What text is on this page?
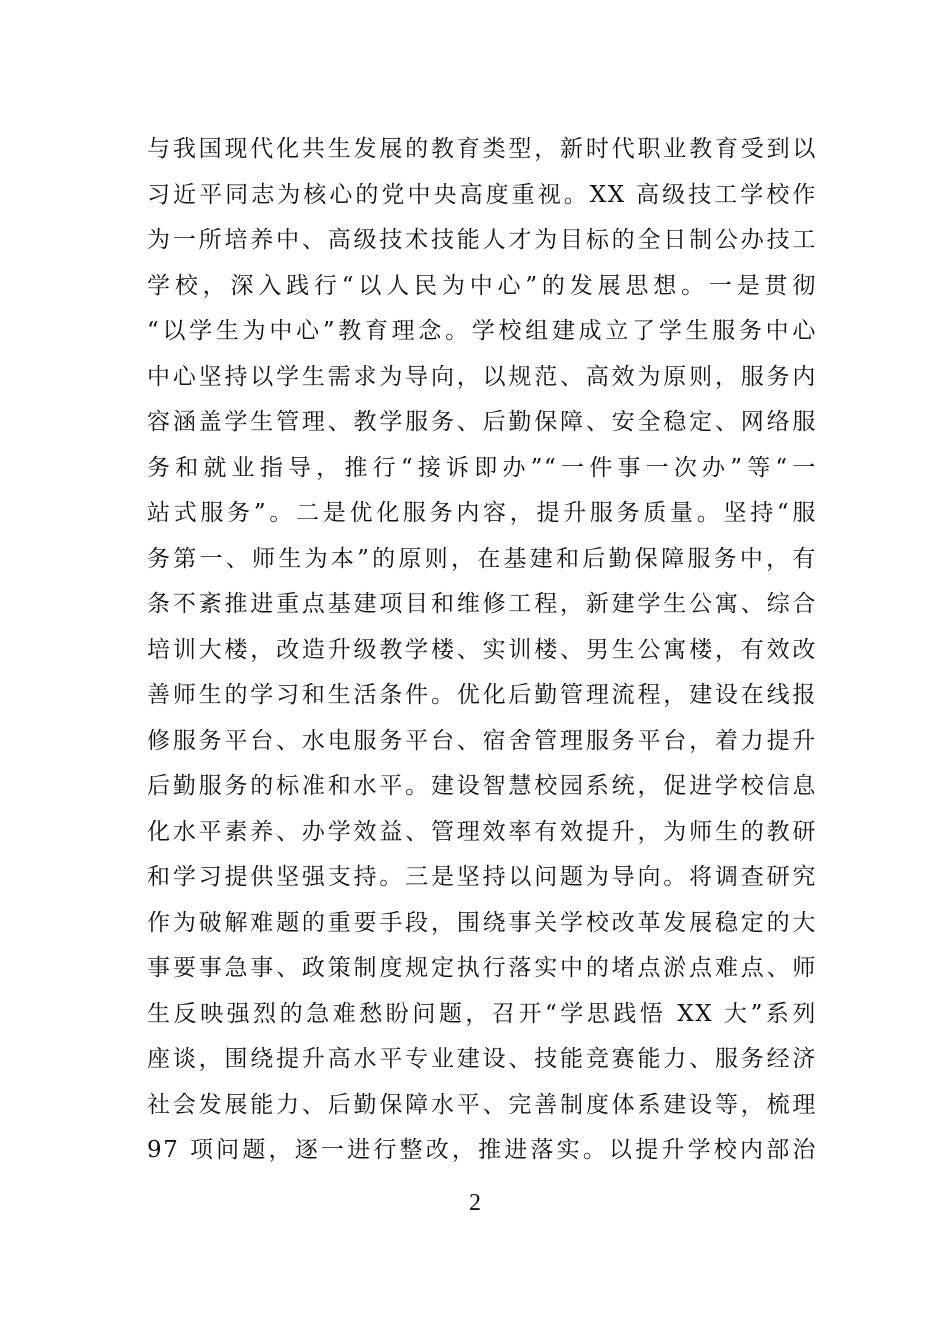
与我国现代化共生发展的教育类型，新时代职业教育受到以
习近平同志为核心的党中央高度重视。XX 高级技工学校作
为一所培养中、高级技术技能人才为目标的全日制公办技工
学校，深入践行“以人民为中心”的发展思想。一是贯彻
“以学生为中心”教育理念。学校组建成立了学生服务中心
中心坚持以学生需求为导向，以规范、高效为原则，服务内
容涵盖学生管理、教学服务、后勤保障、安全稳定、网络服
务和就业指导，推行“接诉即办”“一件事一次办”等“一
站式服务”。二是优化服务内容，提升服务质量。坚持“服
务第一、师生为本”的原则，在基建和后勤保障服务中，有
条不紊推进重点基建项目和维修工程，新建学生公寓、综合
培训大楼，改造升级教学楼、实训楼、男生公寓楼，有效改
善师生的学习和生活条件。优化后勤管理流程，建设在线报
修服务平台、水电服务平台、宿舍管理服务平台，着力提升
后勤服务的标准和水平。建设智慧校园系统，促进学校信息
化水平素养、办学效益、管理效率有效提升，为师生的教研
和学习提供坚强支持。三是坚持以问题为导向。将调查研究
作为破解难题的重要手段，围绕事关学校改革发展稳定的大
事要事急事、政策制度规定执行落实中的堵点淤点难点、师
生反映强烈的急难愁盼问题，召开“学思践悟 XX 大”系列
座谈，围绕提升高水平专业建设、技能竞赛能力、服务经济
社会发展能力、后勤保障水平、完善制度体系建设等，梳理
97 项问题，逐一进行整改，推进落实。以提升学校内部治
2
